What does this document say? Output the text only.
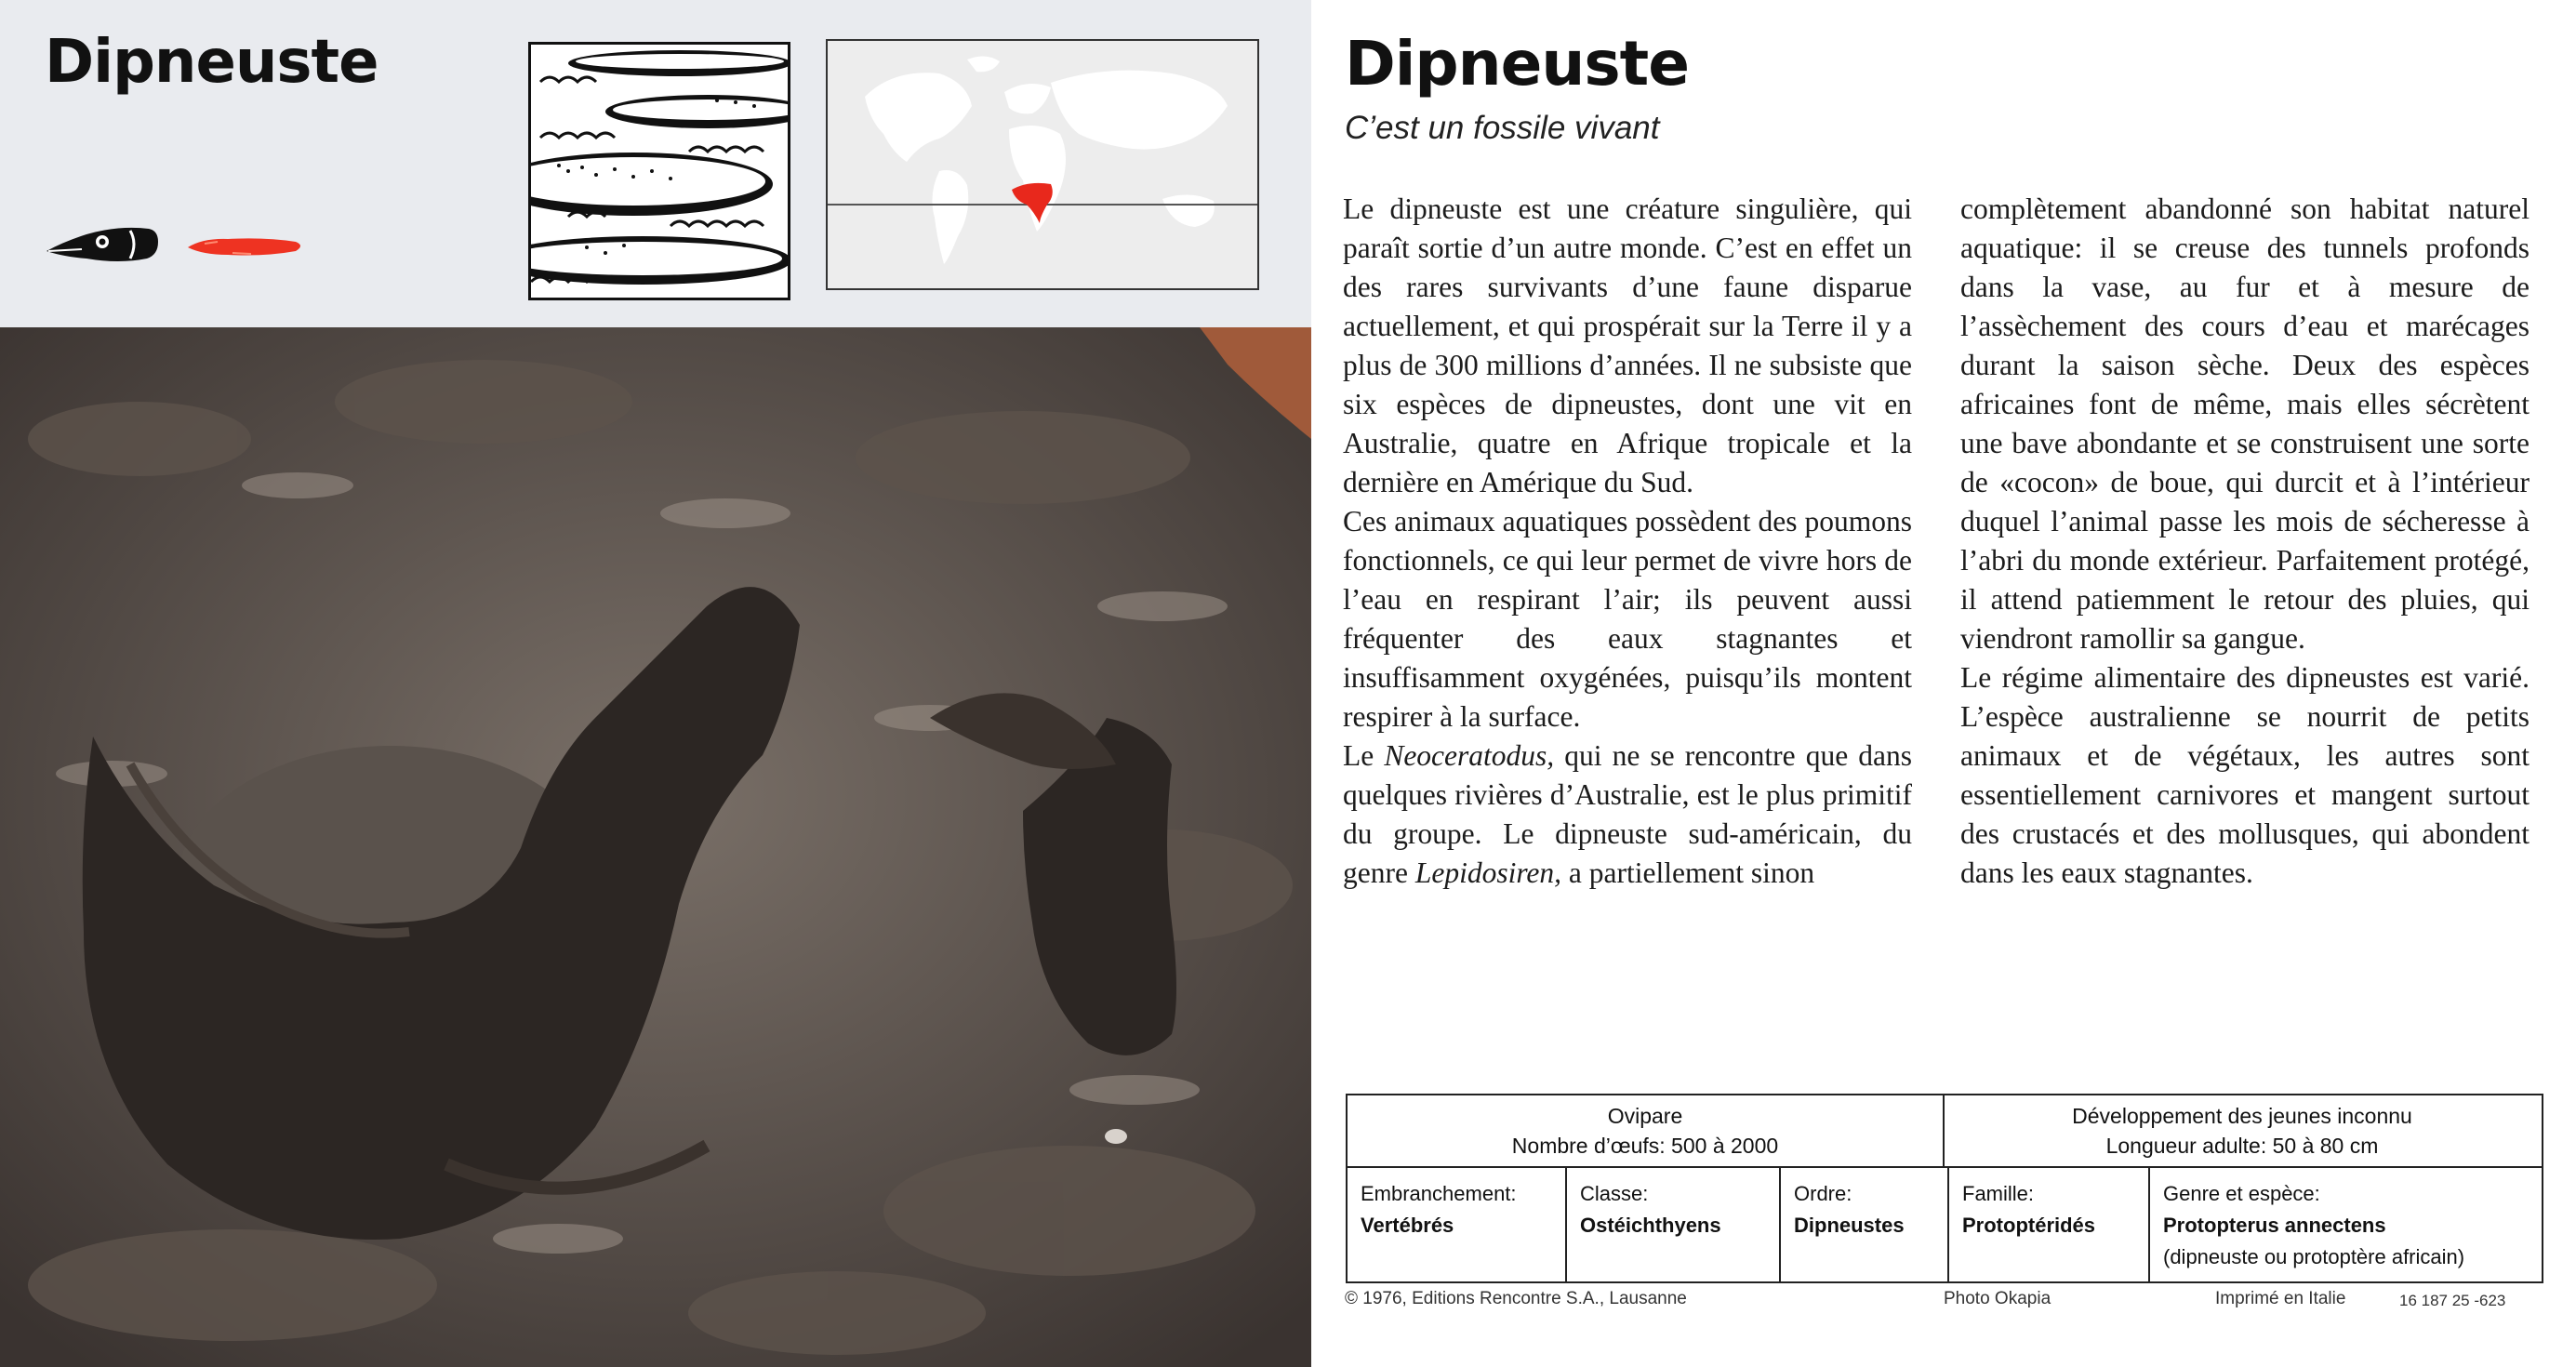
Dipneuste	Dipneuste
C’est un fossile vivant

Le dipneuste est une créature singulière, qui paraît sortie d’un autre monde. C’est en effet un des rares survivants d’une faune disparue actuellement, et qui prospérait sur la Terre il y a plus de 300 millions d’années. Il ne subsiste que six espèces de dipneustes, dont une vit en Australie, quatre en Afrique tropicale et la dernière en Amérique du Sud.

Ces animaux aquatiques possèdent des poumons fonctionnels, ce qui leur permet de vivre hors de l’eau en respirant l’air; ils peuvent aussi fréquenter des eaux stagnantes et insuffisamment oxygénées, puisqu’ils montent respirer à la surface.

Le Neoceratodus, qui ne se rencontre que dans quelques rivières d’Australie, est le plus primitif du groupe. Le dipneuste sud-américain, du genre Lepidosiren, a partiellement sinon

complètement abandonné son habitat naturel aquatique: il se creuse des tunnels profonds dans la vase, au fur et à mesure de l’assèchement des cours d’eau et marécages durant la saison sèche. Deux des espèces africaines font de même, mais elles sécrètent une bave abondante et se construisent une sorte de «cocon» de boue, qui durcit et à l’intérieur duquel l’animal passe les mois de sécheresse à l’abri du monde extérieur. Parfaitement protégé, il attend patiemment le retour des pluies, qui viendront ramollir sa gangue.

Le régime alimentaire des dipneustes est varié. L’espèce australienne se nourrit de petits animaux et de végétaux, les autres sont essentiellement carnivores et mangent surtout des crustacés et des mollusques, qui abondent dans les eaux stagnantes.

Ovipare
Nombre d’œufs: 500 à 2000
Développement des jeunes inconnu
Longueur adulte: 50 à 80 cm
Embranchement:
Vertébrés
Classe:
Ostéichthyens
Ordre:
Dipneustes
Famille:
Protoptéridés
Genre et espèce:
Protopterus annectens
(dipneuste ou protoptère africain)
© 1976, Editions Rencontre S.A., Lausanne	Photo Okapia	Imprimé en Italie	16 187 25 -623
